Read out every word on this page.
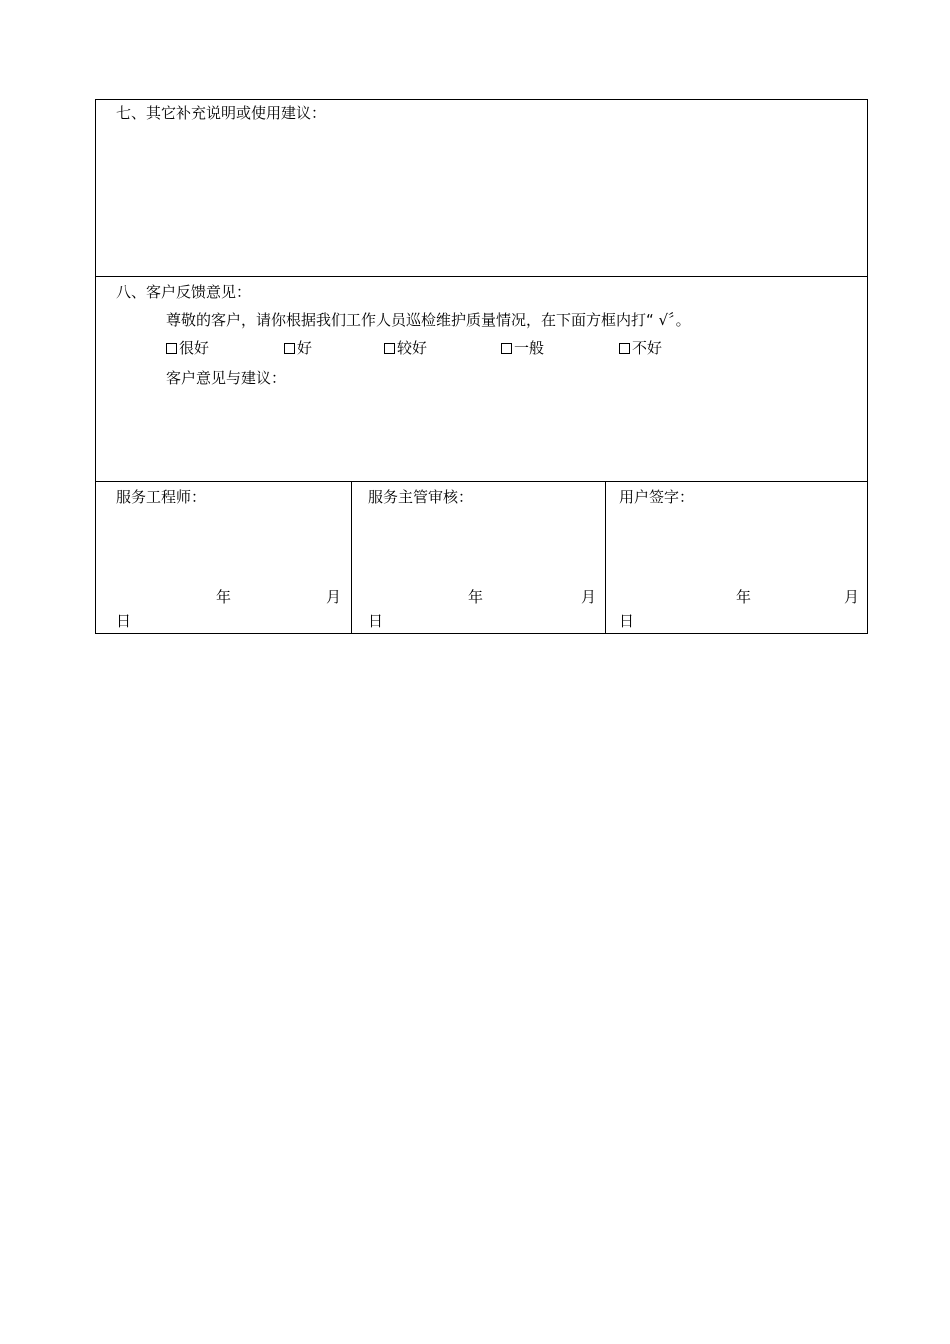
七、其它补充说明或使用建议：
八、客户反馈意见：
尊敬的客户，请你根据我们工作人员巡检维护质量情况，在下面方框内打“ √〞。
很好	好	较好	一般	不好
客户意见与建议：
服务工程师：
年	月
日
服务主管审核：
年	月
日
用户签字：
年	月
日
